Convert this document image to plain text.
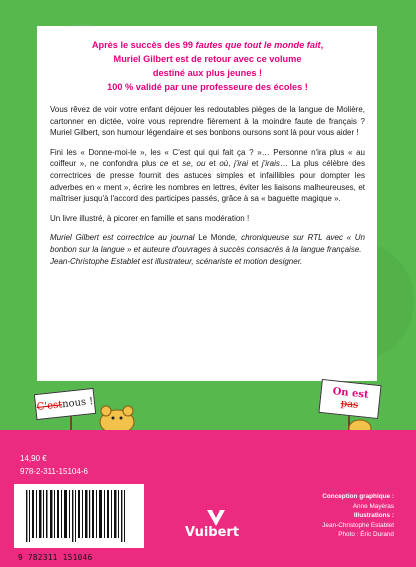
Après le succès des 99 fautes que tout le monde fait,
Muriel Gilbert est de retour avec ce volume
destiné aux plus jeunes !
100 % validé par une professeure des écoles !

Vous rêvez de voir votre enfant déjouer les redoutables pièges de la langue de Molière, cartonner en dictée, voire vous reprendre fièrement à la moindre faute de français ? Muriel Gilbert, son humour légendaire et ses bonbons oursons sont là pour vous aider !

Fini les « Donne-moi-le », les « C'est qui qui fait ça ? »… Personne n'ira plus « au coiffeur », ne confondra plus ce et se, ou et où, j'irai et j'irais… La plus célèbre des correctrices de presse fournit des astuces simples et infaillibles pour dompter les adverbes en « ment », écrire les nombres en lettres, éviter les liaisons malheureuses, et maîtriser jusqu'à l'accord des participes passés, grâce à sa « baguette magique ».

Un livre illustré, à picorer en famille et sans modération !

Muriel Gilbert est correctrice au journal Le Monde, chroniqueuse sur RTL avec « Un bonbon sur la langue » et auteure d'ouvrages à succès consacrés à la langue française.
Jean-Christophe Establet est illustrateur, scénariste et motion designer.

C'est
nous !
On est
pas
14,90 €
978-2-311-15104-6
9 782311 151046
Vuibert
Conception graphique :
Anne Mayéras
Illustrations :
Jean-Christophe Establet
Photo : Éric Durand
